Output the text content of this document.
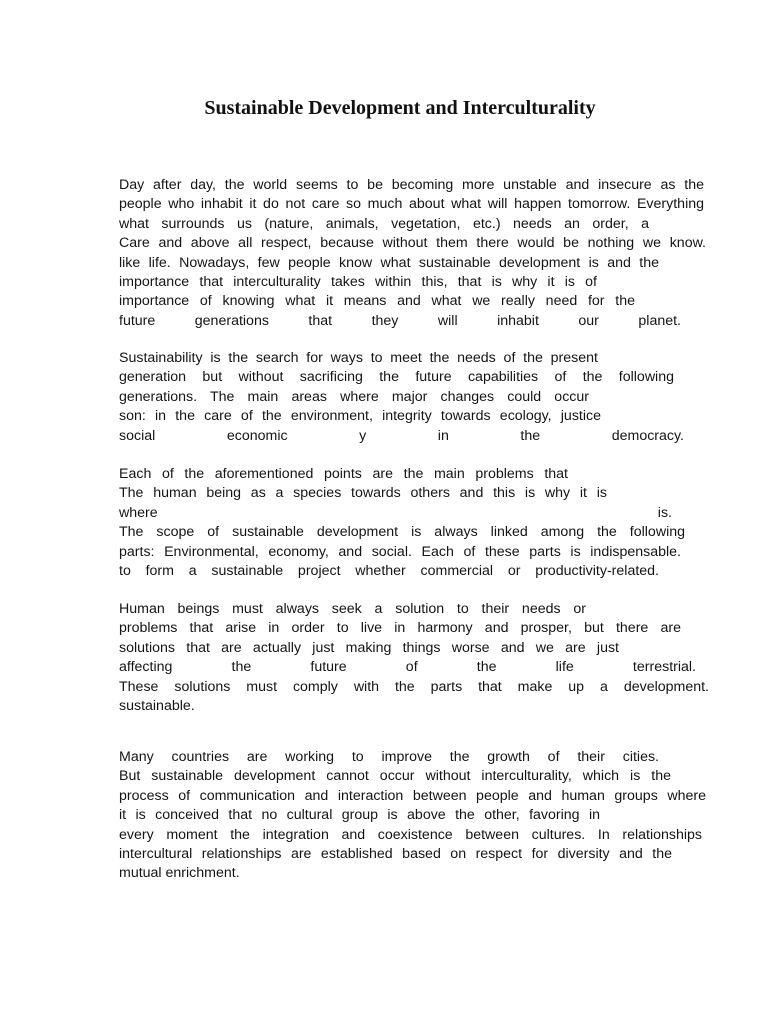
Sustainable Development and Interculturality
Day after day, the world seems to be becoming more unstable and insecure as the
people who inhabit it do not care so much about what will happen tomorrow. Everything
what surrounds us (nature, animals, vegetation, etc.) needs an order, a
Care and above all respect, because without them there would be nothing we know.
like life. Nowadays, few people know what sustainable development is and the
importance that interculturality takes within this, that is why it is of
importance of knowing what it means and what we really need for the
future generations that they will inhabit our planet.
Sustainability is the search for ways to meet the needs of the present
generation but without sacrificing the future capabilities of the following
generations. The main areas where major changes could occur
son: in the care of the environment, integrity towards ecology, justice
social economic y in the democracy.
Each of the aforementioned points are the main problems that
The human being as a species towards others and this is why it is
where is.
The scope of sustainable development is always linked among the following
parts: Environmental, economy, and social. Each of these parts is indispensable.
to form a sustainable project whether commercial or productivity-related.
Human beings must always seek a solution to their needs or
problems that arise in order to live in harmony and prosper, but there are
solutions that are actually just making things worse and we are just
affecting the future of the life terrestrial.
These solutions must comply with the parts that make up a development.
sustainable.
Many countries are working to improve the growth of their cities.
But sustainable development cannot occur without interculturality, which is the
process of communication and interaction between people and human groups where
it is conceived that no cultural group is above the other, favoring in
every moment the integration and coexistence between cultures. In relationships
intercultural relationships are established based on respect for diversity and the
mutual enrichment.
